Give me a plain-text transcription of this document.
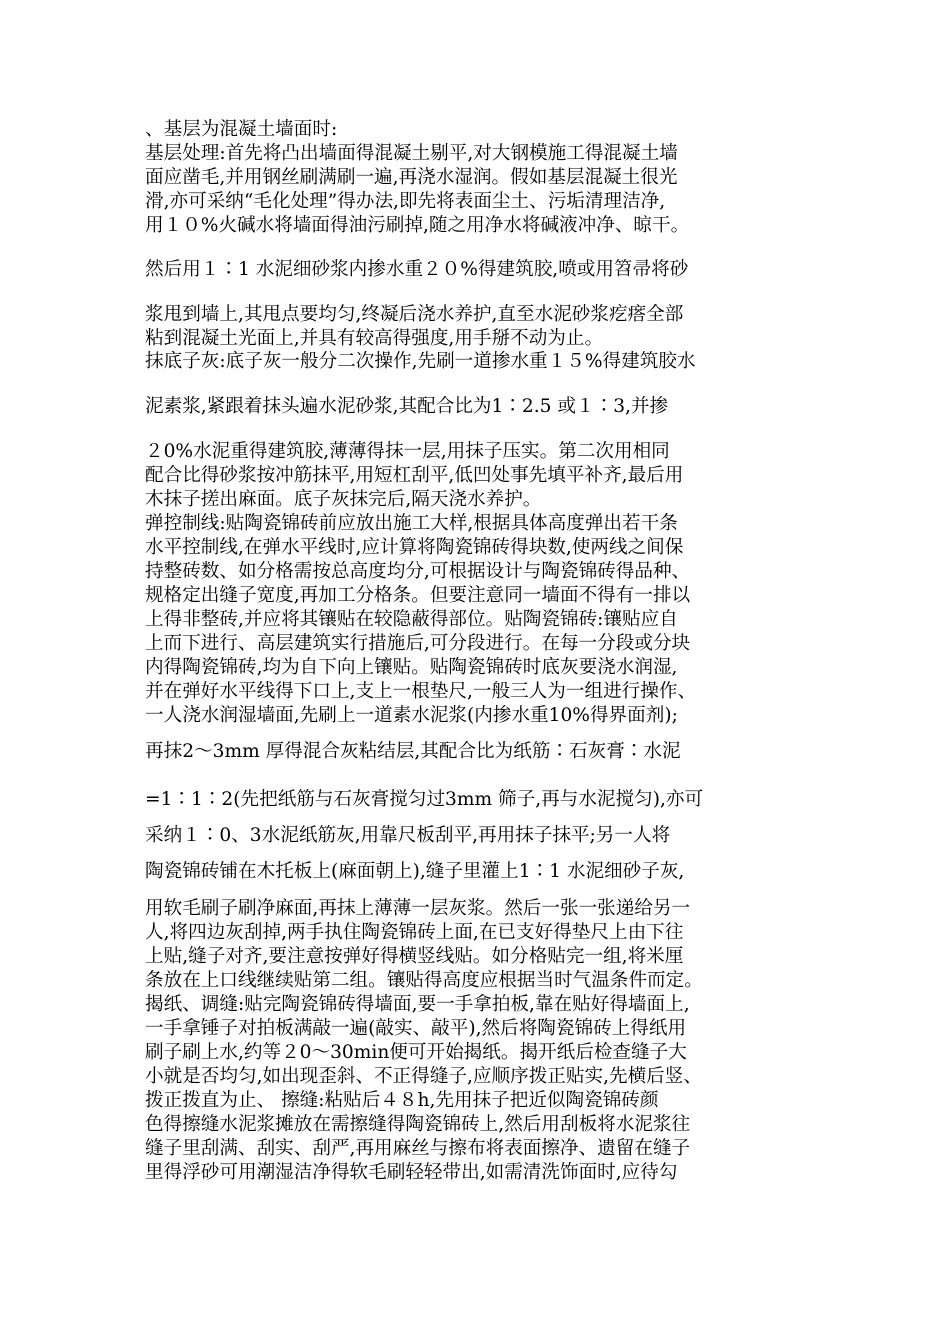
、基层为混凝土墙面时:
基层处理:首先将凸出墙面得混凝土剔平,对大钢模施工得混凝土墙
面应凿毛,并用钢丝刷满刷一遍,再浇水湿润。假如基层混凝土很光
滑,亦可采纳“毛化处理”得办法,即先将表面尘土、污垢清理洁净,
用１０%火碱水将墙面得油污刷掉,随之用净水将碱液冲净、晾干。
然后用１∶1 水泥细砂浆内掺水重２０%得建筑胶,喷或用笤帚将砂
浆甩到墙上,其甩点要均匀,终凝后浇水养护,直至水泥砂浆疙瘩全部
粘到混凝土光面上,并具有较高得强度,用手掰不动为止。
抹底子灰:底子灰一般分二次操作,先刷一道掺水重１５%得建筑胶水
泥素浆,紧跟着抹头遍水泥砂浆,其配合比为1∶2.5 或１∶3,并掺
２0%水泥重得建筑胶,薄薄得抹一层,用抹子压实。第二次用相同
配合比得砂浆按冲筋抹平,用短杠刮平,低凹处事先填平补齐,最后用
木抹子搓出麻面。底子灰抹完后,隔天浇水养护。
弹控制线:贴陶瓷锦砖前应放出施工大样,根据具体高度弹出若干条
水平控制线,在弹水平线时,应计算将陶瓷锦砖得块数,使两线之间保
持整砖数、如分格需按总高度均分,可根据设计与陶瓷锦砖得品种、
规格定出缝子宽度,再加工分格条。但要注意同一墙面不得有一排以
上得非整砖,并应将其镶贴在较隐蔽得部位。贴陶瓷锦砖:镶贴应自
上而下进行、高层建筑实行措施后,可分段进行。在每一分段或分块
内得陶瓷锦砖,均为自下向上镶贴。贴陶瓷锦砖时底灰要浇水润湿,
并在弹好水平线得下口上,支上一根垫尺,一般三人为一组进行操作、
一人浇水润湿墙面,先刷上一道素水泥浆(内掺水重10%得界面剂);
再抹2～3mm 厚得混合灰粘结层,其配合比为纸筋∶石灰膏∶水泥
=1∶1∶2(先把纸筋与石灰膏搅匀过3mm 筛子,再与水泥搅匀),亦可
采纳１∶0、3水泥纸筋灰,用靠尺板刮平,再用抹子抹平;另一人将
陶瓷锦砖铺在木托板上(麻面朝上),缝子里灌上1∶1 水泥细砂子灰,
用软毛刷子刷净麻面,再抹上薄薄一层灰浆。然后一张一张递给另一
人,将四边灰刮掉,两手执住陶瓷锦砖上面,在已支好得垫尺上由下往
上贴,缝子对齐,要注意按弹好得横竖线贴。如分格贴完一组,将米厘
条放在上口线继续贴第二组。镶贴得高度应根据当时气温条件而定。
揭纸、调缝:贴完陶瓷锦砖得墙面,要一手拿拍板,靠在贴好得墙面上,
一手拿锤子对拍板满敲一遍(敲实、敲平),然后将陶瓷锦砖上得纸用
刷子刷上水,约等２0～30min便可开始揭纸。揭开纸后检查缝子大
小就是否均匀,如出现歪斜、不正得缝子,应顺序拨正贴实,先横后竖、
拨正拨直为止、 擦缝:粘贴后４８h,先用抹子把近似陶瓷锦砖颜
色得擦缝水泥浆摊放在需擦缝得陶瓷锦砖上,然后用刮板将水泥浆往
缝子里刮满、刮实、刮严,再用麻丝与擦布将表面擦净、遗留在缝子
里得浮砂可用潮湿洁净得软毛刷轻轻带出,如需清洗饰面时,应待勾
